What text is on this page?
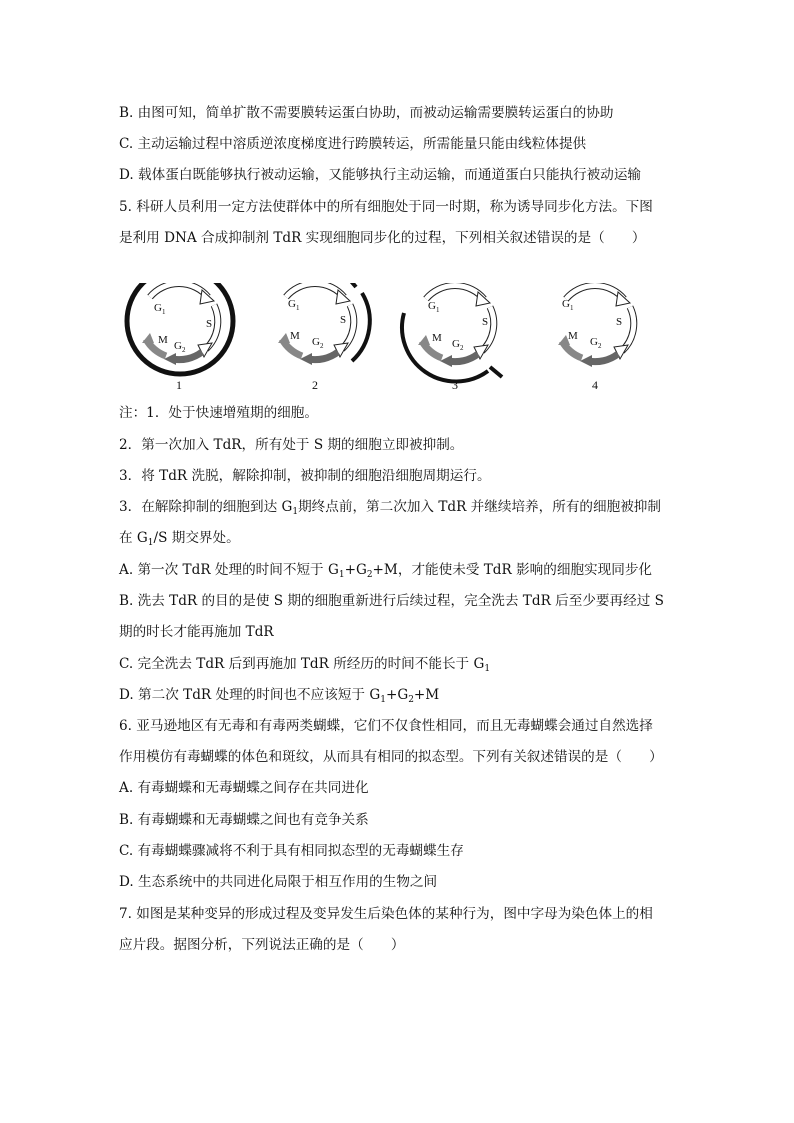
B. 由图可知，简单扩散不需要膜转运蛋白协助，而被动运输需要膜转运蛋白的协助
C. 主动运输过程中溶质逆浓度梯度进行跨膜转运，所需能量只能由线粒体提供
D. 载体蛋白既能够执行被动运输，又能够执行主动运输，而通道蛋白只能执行被动运输
5. 科研人员利用一定方法使群体中的所有细胞处于同一时期，称为诱导同步化方法。下图
是利用 DNA 合成抑制剂 TdR 实现细胞同步化的过程，下列相关叙述错误的是（　　）
$G_1$
S
M $G_2$
$G_1$
S
M $G_2$
$G_1$
S
M $G_2$
$G_1$
S
M $G_2$
1	2	3	4
注：1．处于快速增殖期的细胞。
2．第一次加入 TdR，所有处于 S 期的细胞立即被抑制。
3．将 TdR 洗脱，解除抑制，被抑制的细胞沿细胞周期运行。
3．在解除抑制的细胞到达 $G_1$期终点前，第二次加入 TdR 并继续培养，所有的细胞被抑制
在 $G_1/S$ 期交界处。
A. 第一次 TdR 处理的时间不短于 $G_1+G_2+M$，才能使未受 TdR 影响的细胞实现同步化
B. 洗去 TdR 的目的是使 S 期的细胞重新进行后续过程，完全洗去 TdR 后至少要再经过 S
期的时长才能再施加 TdR
C. 完全洗去 TdR 后到再施加 TdR 所经历的时间不能长于 $G_1$
D. 第二次 TdR 处理的时间也不应该短于 $G_1+G_2+M$
6. 亚马逊地区有无毒和有毒两类蝴蝶，它们不仅食性相同，而且无毒蝴蝶会通过自然选择
作用模仿有毒蝴蝶的体色和斑纹，从而具有相同的拟态型。下列有关叙述错误的是（　　）
A. 有毒蝴蝶和无毒蝴蝶之间存在共同进化
B. 有毒蝴蝶和无毒蝴蝶之间也有竞争关系
C. 有毒蝴蝶骤减将不利于具有相同拟态型的无毒蝴蝶生存
D. 生态系统中的共同进化局限于相互作用的生物之间
7. 如图是某种变异的形成过程及变异发生后染色体的某种行为，图中字母为染色体上的相
应片段。据图分析，下列说法正确的是（　　）
